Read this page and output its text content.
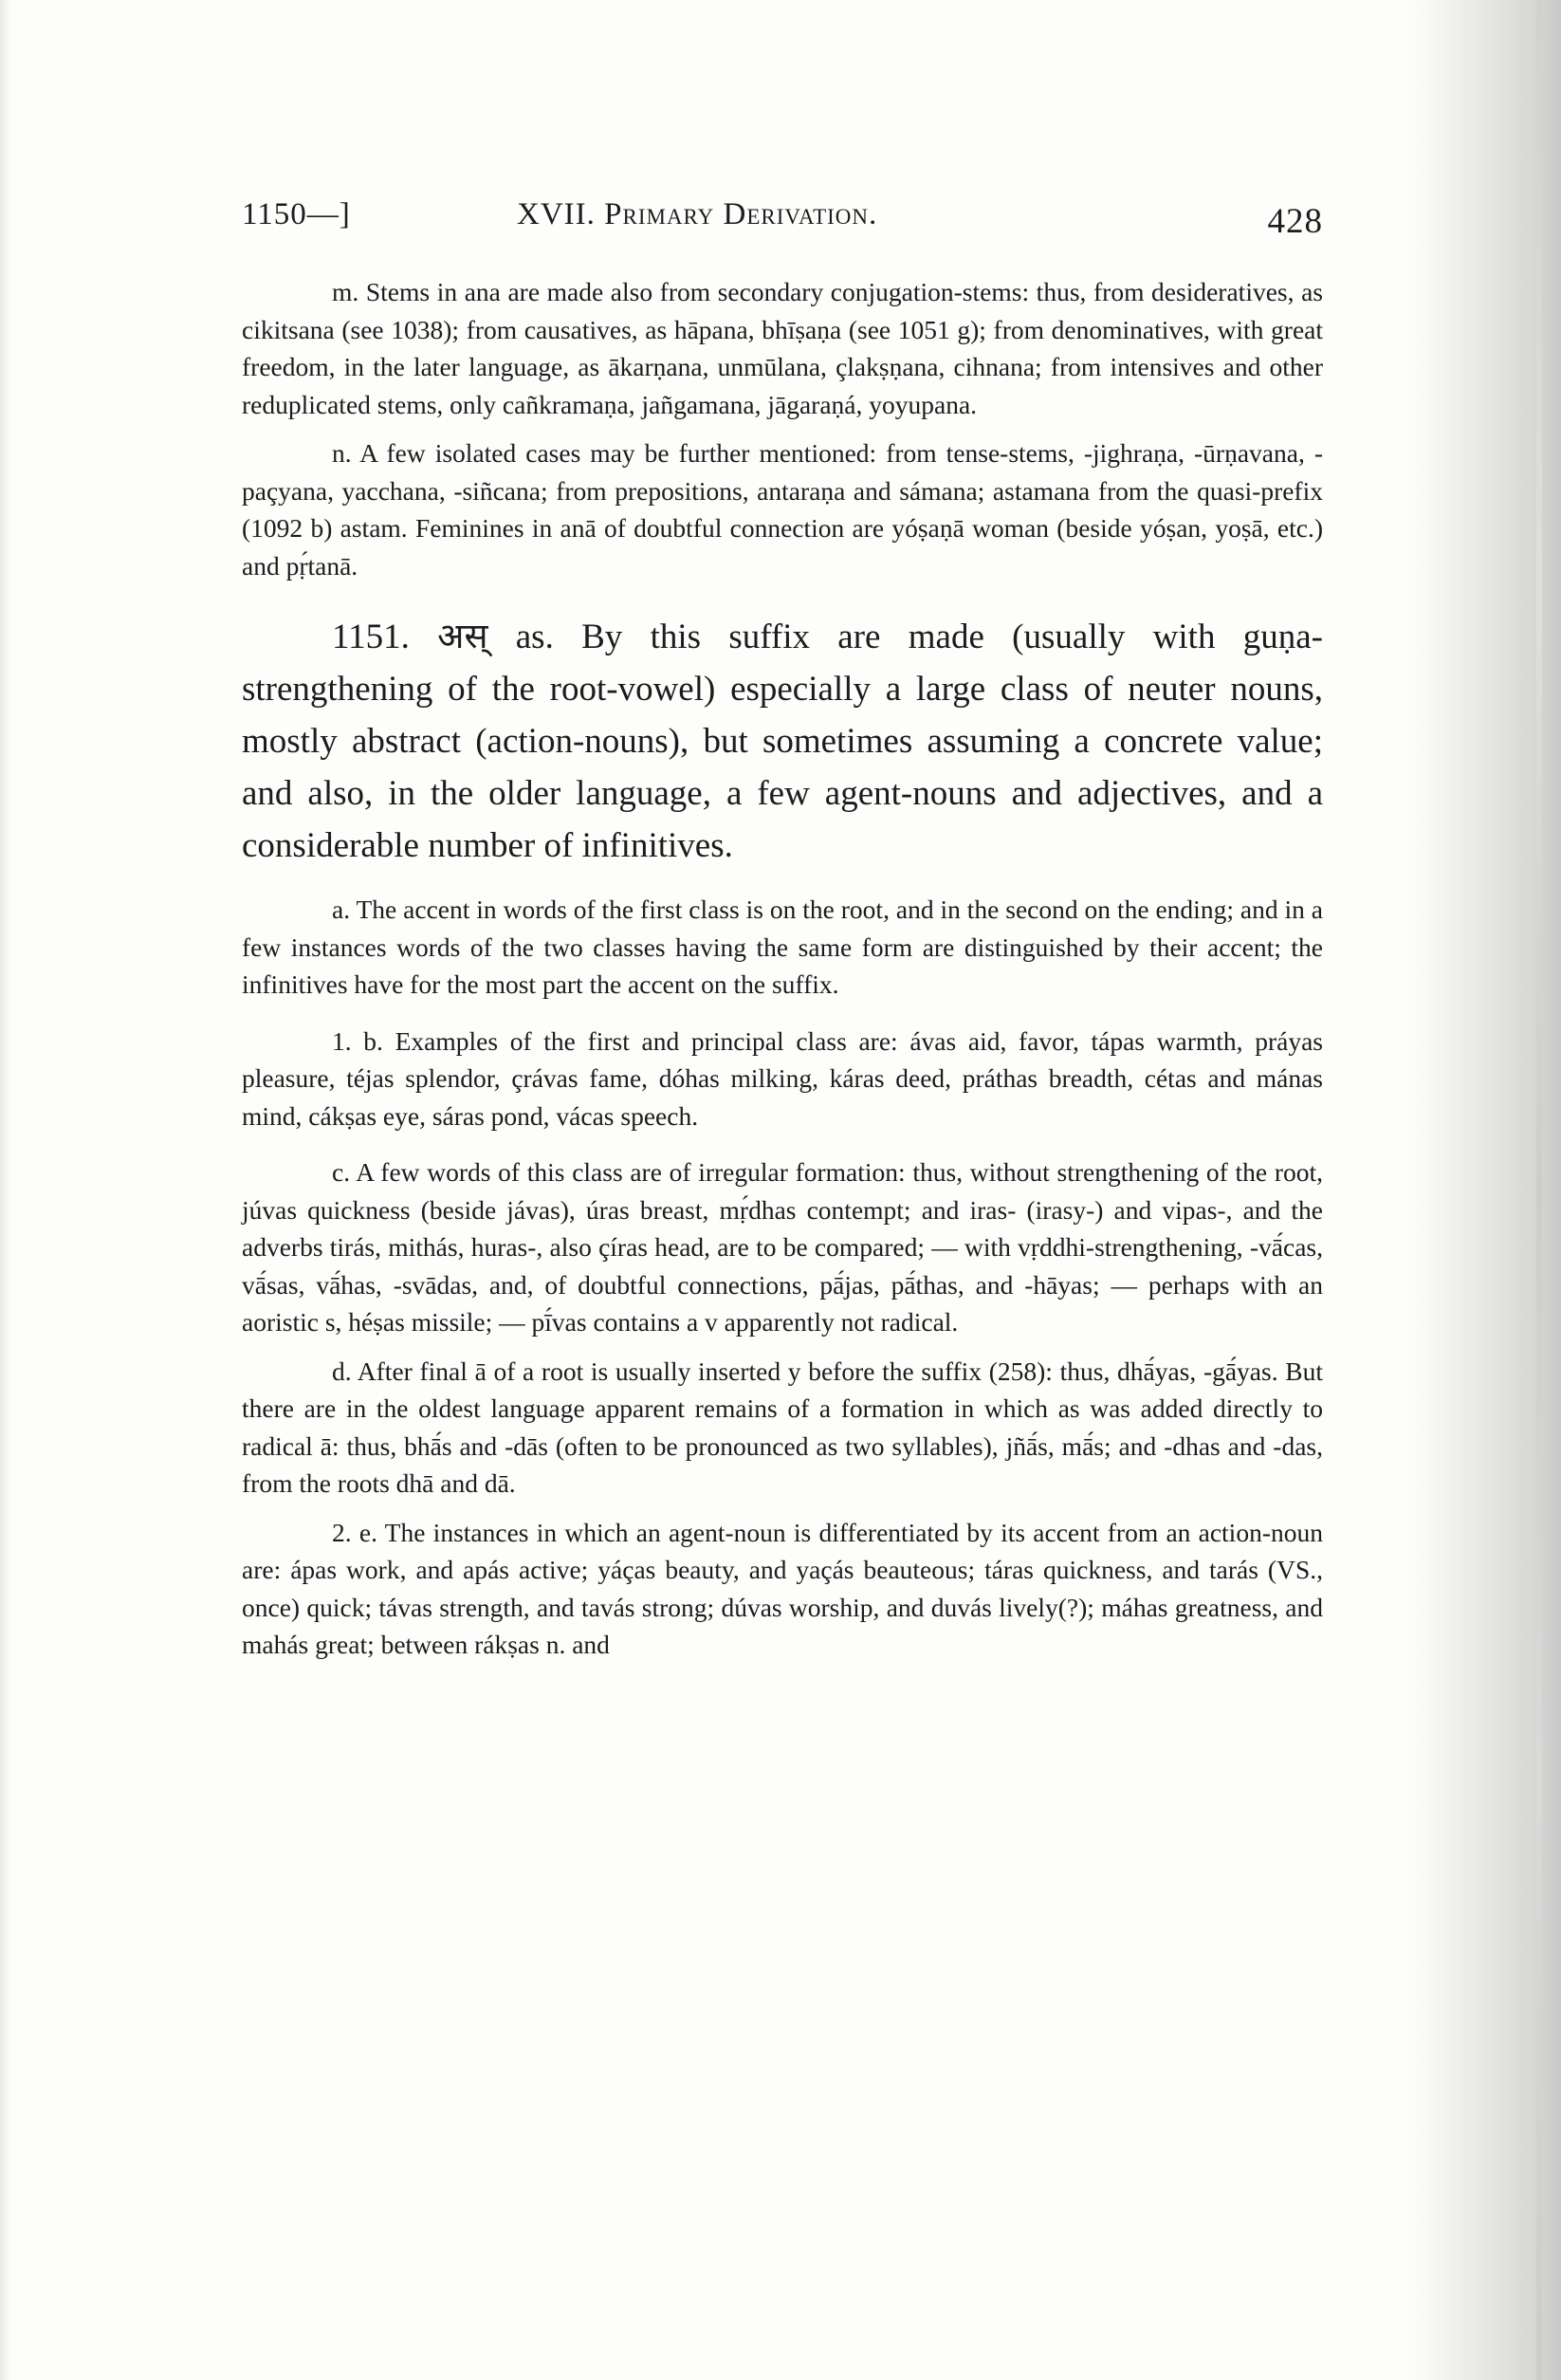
1150—]	XVII. Primary Derivation.	428

m. Stems in ana are made also from secondary conjugation-stems: thus, from desideratives, as cikitsana (see 1038); from causatives, as hāpana, bhīṣaṇa (see 1051 g); from denominatives, with great freedom, in the later language, as ākarṇana, unmūlana, çlakṣṇana, cihnana; from intensives and other reduplicated stems, only cañkramaṇa, jañgamana, jāgaraṇá, yoyupana.

n. A few isolated cases may be further mentioned: from tense-stems, -jighraṇa, -ūrṇavana, -paçyana, yacchana, -siñcana; from prepositions, antaraṇa and sámana; astamana from the quasi-prefix (1092 b) astam. Feminines in anā of doubtful connection are yóṣaṇā woman (beside yóṣan, yoṣā, etc.) and pṛ́tanā.

1151. अस् as. By this suffix are made (usually with guṇa-strengthening of the root-vowel) especially a large class of neuter nouns, mostly abstract (action-nouns), but sometimes assuming a concrete value; and also, in the older language, a few agent-nouns and adjectives, and a considerable number of infinitives.

a. The accent in words of the first class is on the root, and in the second on the ending; and in a few instances words of the two classes having the same form are distinguished by their accent; the infinitives have for the most part the accent on the suffix.

1. b. Examples of the first and principal class are: ávas aid, favor, tápas warmth, práyas pleasure, téjas splendor, çrávas fame, dóhas milking, káras deed, práthas breadth, cétas and mánas mind, cákṣas eye, sáras pond, vácas speech.

c. A few words of this class are of irregular formation: thus, without strengthening of the root, júvas quickness (beside jávas), úras breast, mṛ́dhas contempt; and iras- (irasy-) and vipas-, and the adverbs tirás, mithás, huras-, also çíras head, are to be compared; — with vṛddhi-strengthening, -vā́cas, vā́sas, vā́has, -svādas, and, of doubtful connections, pā́jas, pā́thas, and -hāyas; — perhaps with an aoristic s, héṣas missile; — pī́vas contains a v apparently not radical.

d. After final ā of a root is usually inserted y before the suffix (258): thus, dhā́yas, -gā́yas. But there are in the oldest language apparent remains of a formation in which as was added directly to radical ā: thus, bhā́s and -dās (often to be pronounced as two syllables), jñā́s, mā́s; and -dhas and -das, from the roots dhā and dā.

2. e. The instances in which an agent-noun is differentiated by its accent from an action-noun are: ápas work, and apás active; yáças beauty, and yaçás beauteous; táras quickness, and tarás (VS., once) quick; távas strength, and tavás strong; dúvas worship, and duvás lively(?); máhas greatness, and mahás great; between rákṣas n. and
